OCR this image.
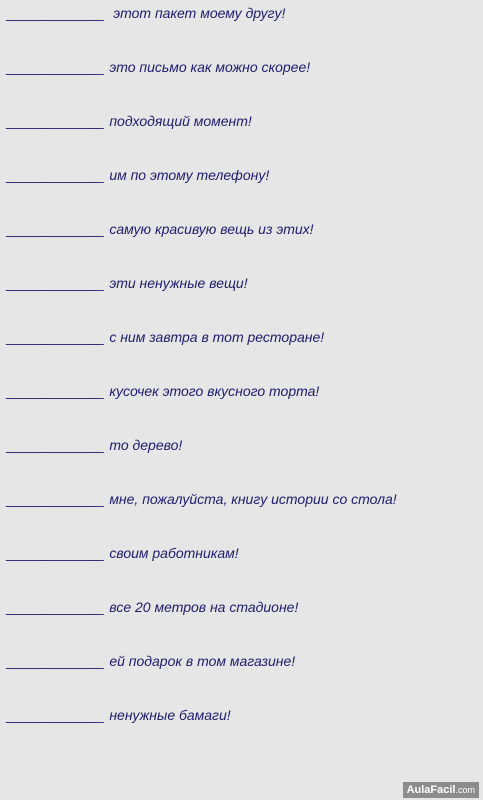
_____________ этот пакет моему другу!
_____________ это письмо как можно скорее!
_____________ подходящий момент!
_____________ им по этому телефону!
_____________ самую красивую вещь из этих!
_____________ эти ненужные вещи!
_____________ с ним завтра в тот ресторане!
_____________ кусочек этого вкусного торта!
_____________ то дерево!
_____________ мне, пожалуйста, книгу истории со стола!
_____________ своим работникам!
_____________ все 20 метров на стадионе!
_____________ ей подарок в том магазине!
_____________ ненужные бамаги!
AulaFacil.com
